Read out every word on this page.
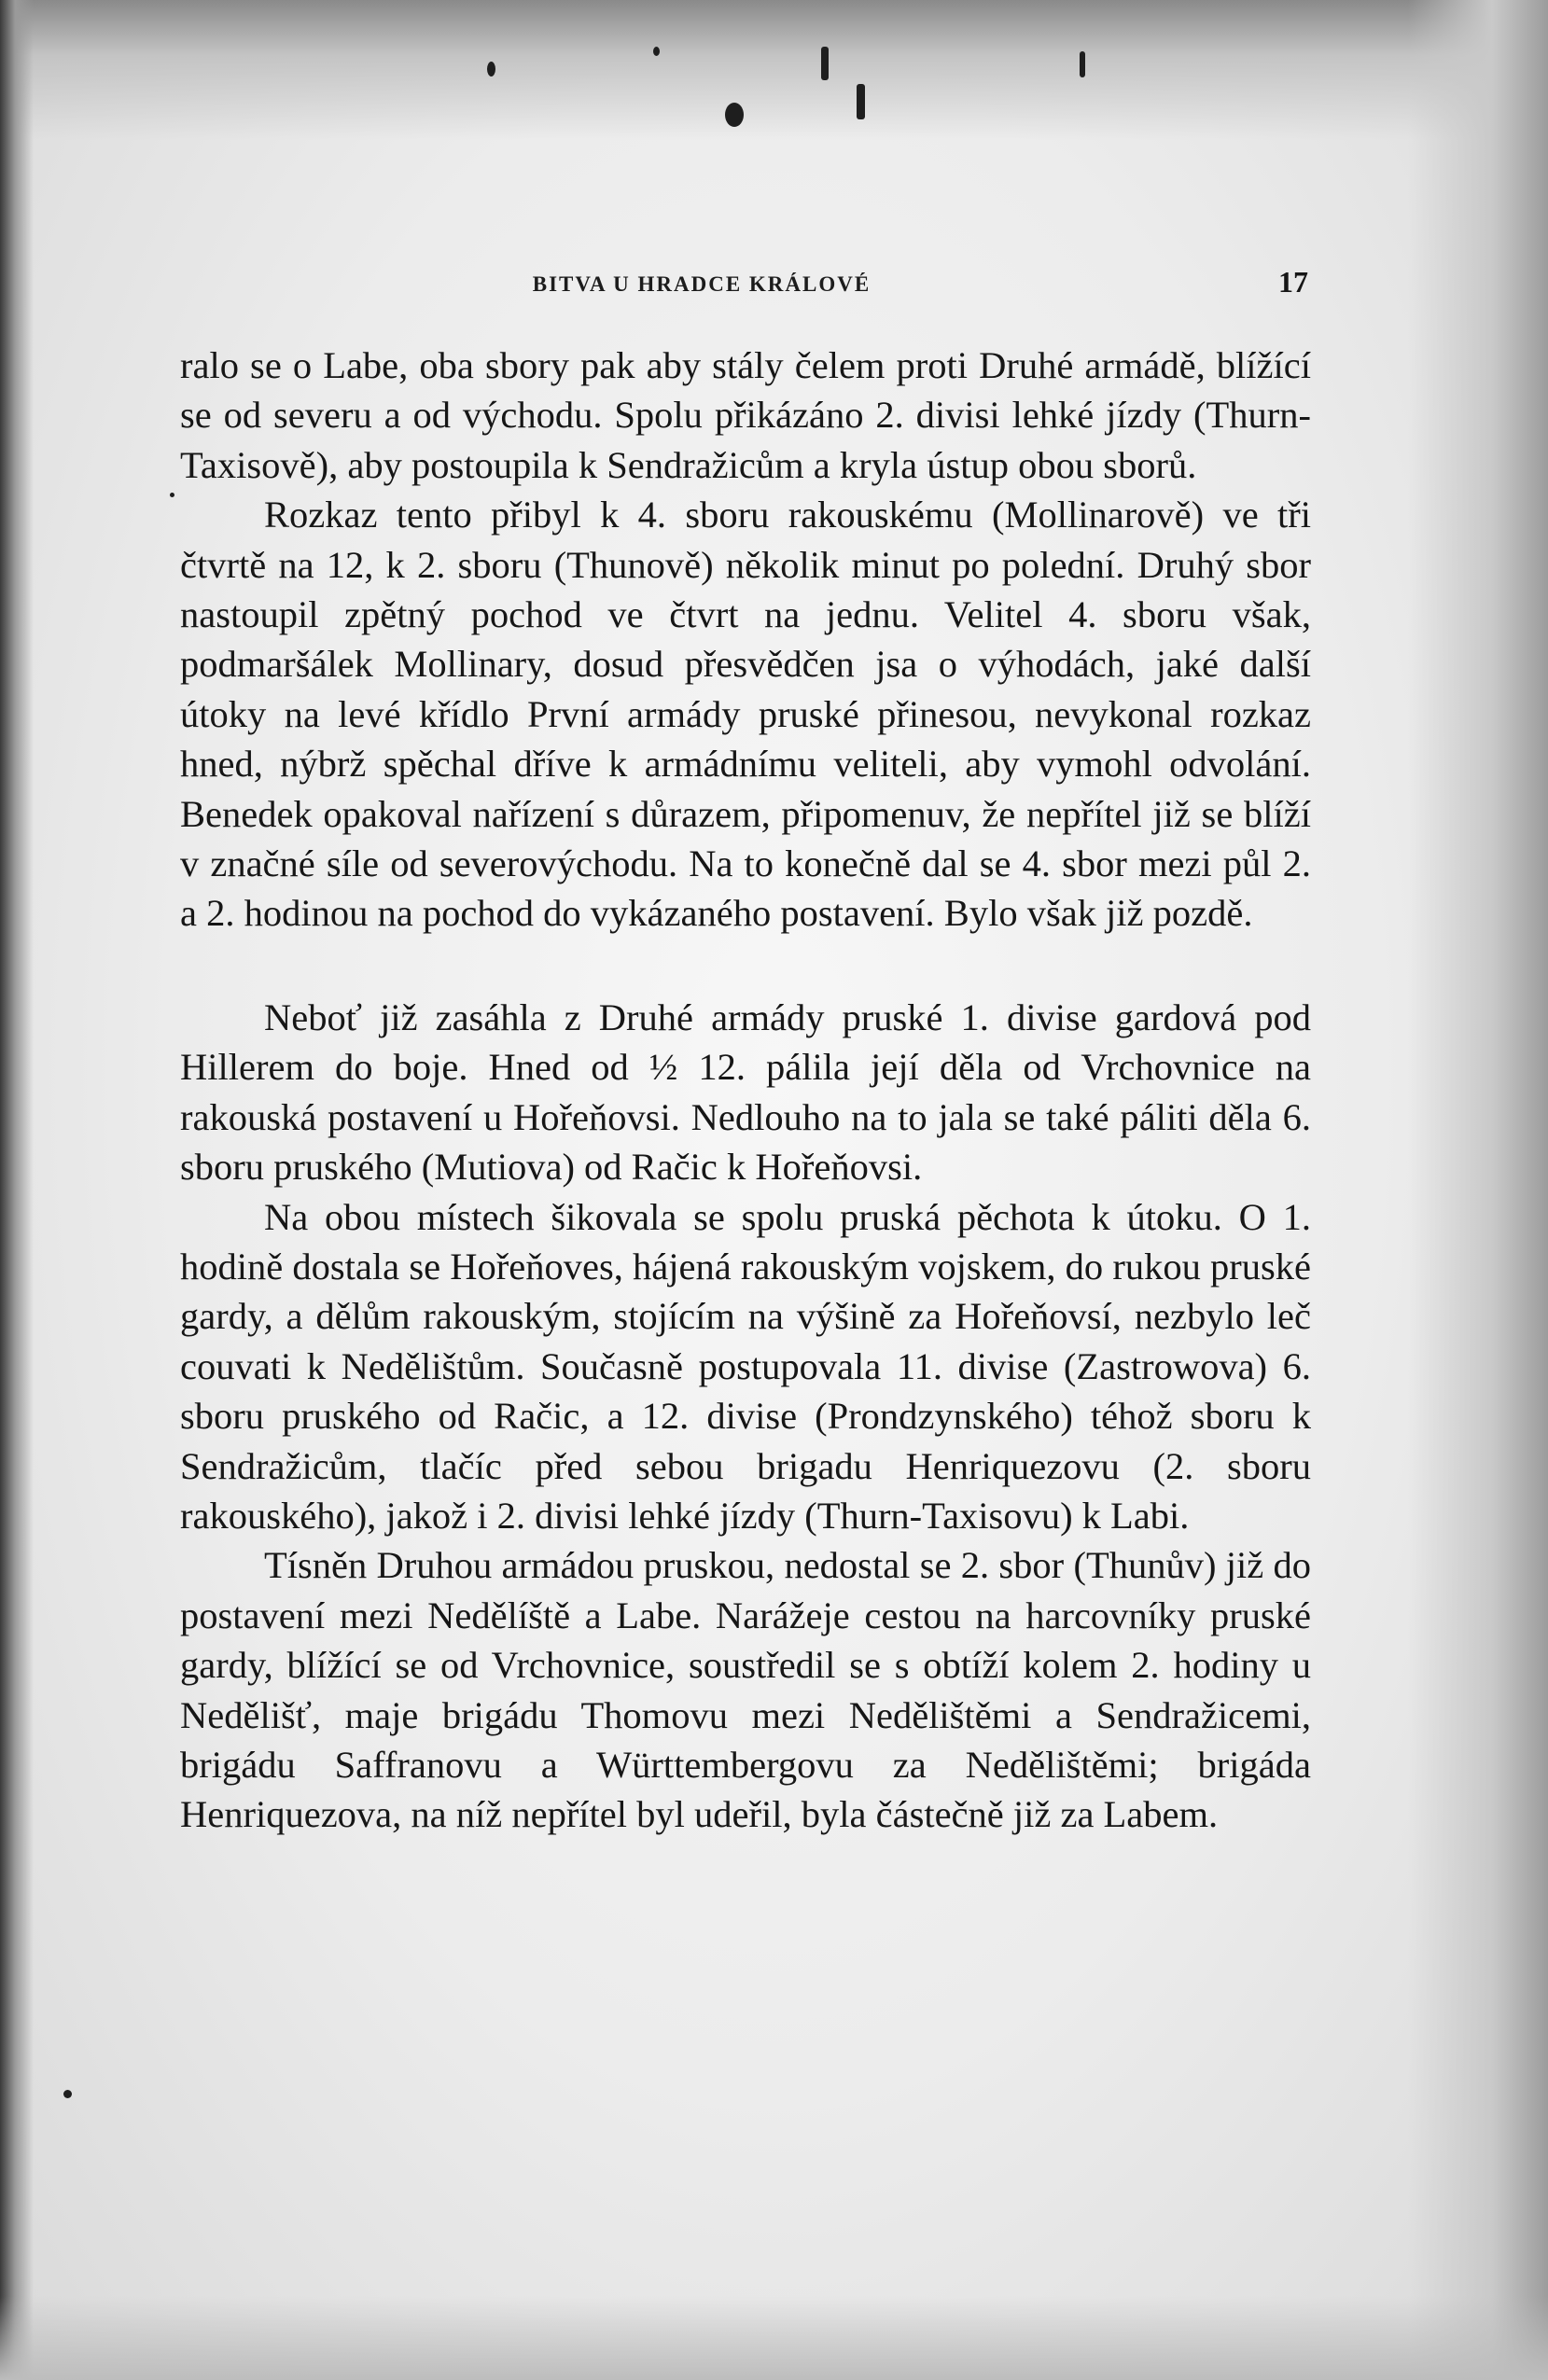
BITVA U HRADCE KRÁLOVÉ	17

ralo se o Labe, oba sbory pak aby stály čelem proti Druhé armádě, blížící se od severu a od východu. Spolu přikázáno 2. divisi lehké jízdy (Thurn-Taxisově), aby postoupila k Sendražicům a kryla ústup obou sborů.

Rozkaz tento přibyl k 4. sboru rakouskému (Mollinarově) ve tři čtvrtě na 12, k 2. sboru (Thunově) několik minut po polední. Druhý sbor nastoupil zpětný pochod ve čtvrt na jednu. Velitel 4. sboru však, podmaršálek Mollinary, dosud přesvědčen jsa o výhodách, jaké další útoky na levé křídlo První armády pruské přinesou, nevykonal rozkaz hned, nýbrž spěchal dříve k armádnímu veliteli, aby vymohl odvolání. Benedek opakoval nařízení s důrazem, připomenuv, že nepřítel již se blíží v značné síle od severovýchodu. Na to konečně dal se 4. sbor mezi půl 2. a 2. hodinou na pochod do vykázaného postavení. Bylo však již pozdě.

Neboť již zasáhla z Druhé armády pruské 1. divise gardová pod Hillerem do boje. Hned od ½ 12. pálila její děla od Vrchovnice na rakouská postavení u Hořeňovsi. Nedlouho na to jala se také páliti děla 6. sboru pruského (Mutiova) od Račic k Hořeňovsi.

Na obou místech šikovala se spolu pruská pěchota k útoku. O 1. hodině dostala se Hořeňoves, hájená rakouským vojskem, do rukou pruské gardy, a dělům rakouským, stojícím na výšině za Hořeňovsí, nezbylo leč couvati k Nedělištům. Současně postupovala 11. divise (Zastrowova) 6. sboru pruského od Račic, a 12. divise (Prondzynského) téhož sboru k Sendražicům, tlačíc před sebou brigadu Henriquezovu (2. sboru rakouského), jakož i 2. divisi lehké jízdy (Thurn-Taxisovu) k Labi.

Tísněn Druhou armádou pruskou, nedostal se 2. sbor (Thunův) již do postavení mezi Nedělíště a Labe. Narážeje cestou na harcovníky pruské gardy, blížící se od Vrchovnice, soustředil se s obtíží kolem 2. hodiny u Nedělišť, maje brigádu Thomovu mezi Nedělištěmi a Sendražicemi, brigádu Saffranovu a Württembergovu za Nedělištěmi; brigáda Henriquezova, na níž nepřítel byl udeřil, byla částečně již za Labem.
